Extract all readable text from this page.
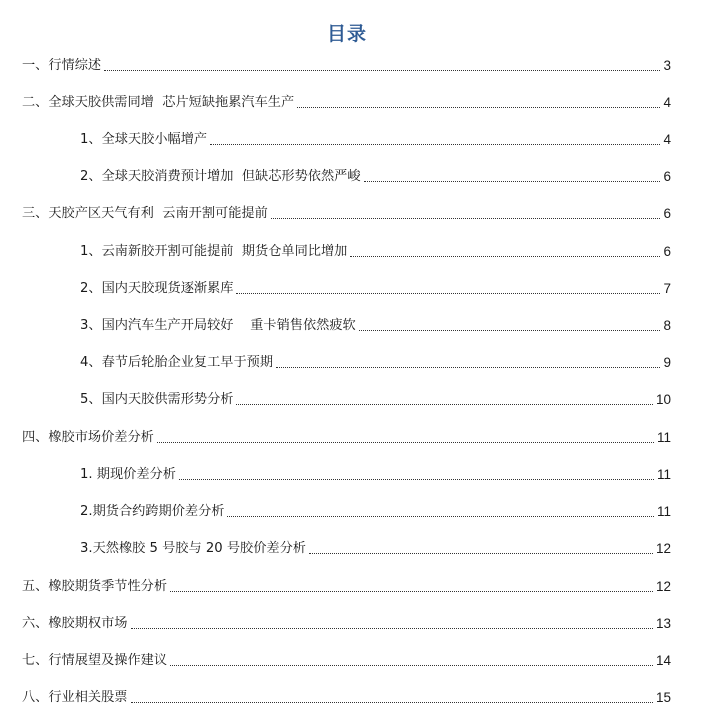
目录
一、行情综述	3
二、全球天胶供需同增  芯片短缺拖累汽车生产	4
1、全球天胶小幅增产	4
2、全球天胶消费预计增加  但缺芯形势依然严峻	6
三、天胶产区天气有利  云南开割可能提前	6
1、云南新胶开割可能提前  期货仓单同比增加	6
2、国内天胶现货逐渐累库	7
3、国内汽车生产开局较好    重卡销售依然疲软	8
4、春节后轮胎企业复工早于预期	9
5、国内天胶供需形势分析	10
四、橡胶市场价差分析	11
1. 期现价差分析	11
2.期货合约跨期价差分析	11
3.天然橡胶 5 号胶与 20 号胶价差分析	12
五、橡胶期货季节性分析	12
六、橡胶期权市场	13
七、行情展望及操作建议	14
八、行业相关股票	15
